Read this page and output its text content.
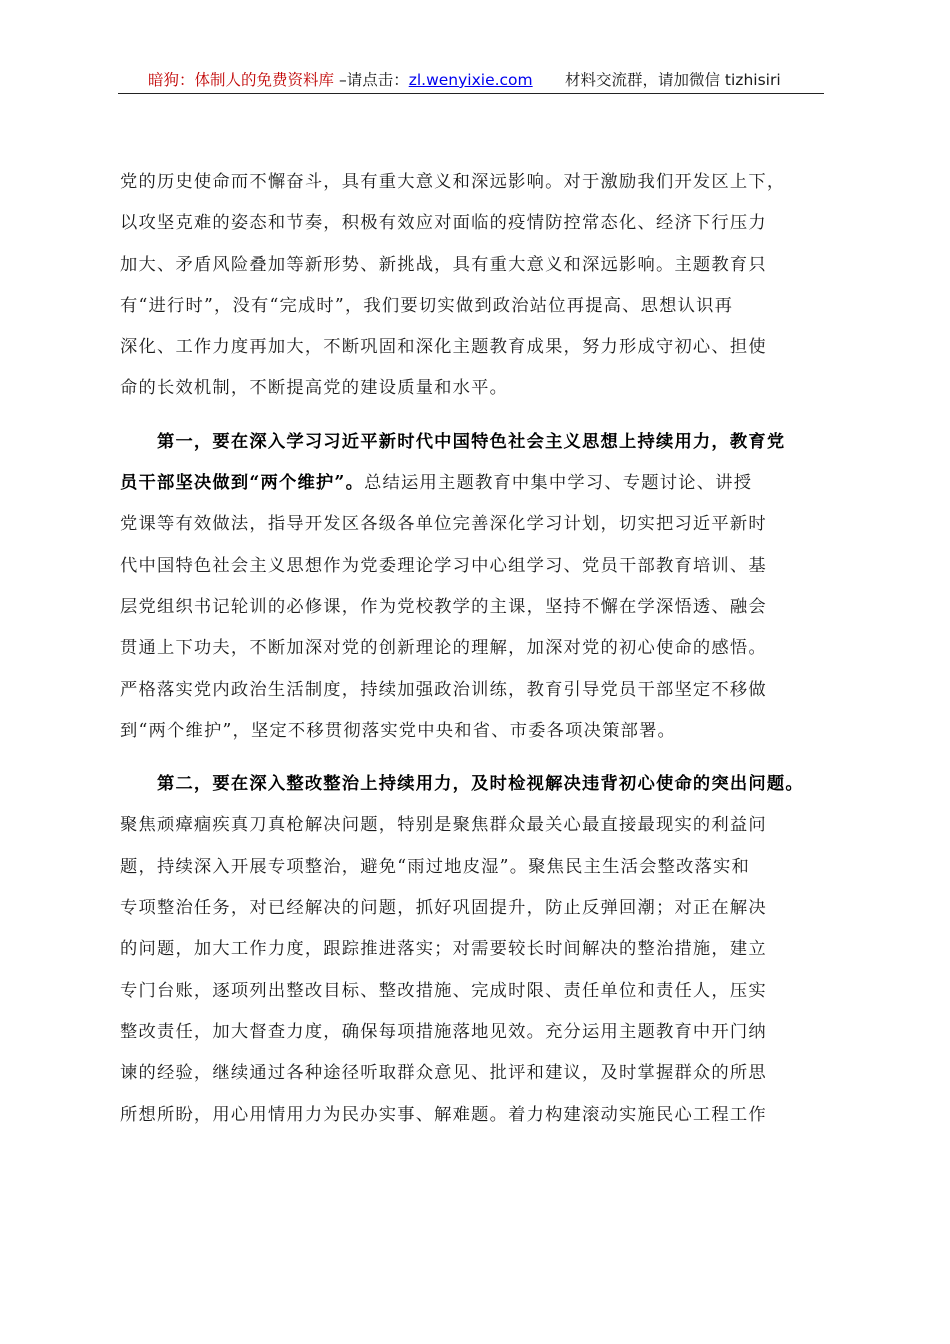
暗狗：体制人的免费资料库 –请点击：zl.wenyixie.com 材料交流群，请加微信 tizhisiri
党的历史使命而不懈奋斗，具有重大意义和深远影响。对于激励我们开发区上下，
以攻坚克难的姿态和节奏，积极有效应对面临的疫情防控常态化、经济下行压力
加大、矛盾风险叠加等新形势、新挑战，具有重大意义和深远影响。主题教育只
有“进行时”，没有“完成时”，我们要切实做到政治站位再提高、思想认识再
深化、工作力度再加大，不断巩固和深化主题教育成果，努力形成守初心、担使
命的长效机制，不断提高党的建设质量和水平。
　　第一，要在深入学习习近平新时代中国特色社会主义思想上持续用力，教育党
员干部坚决做到“两个维护”。总结运用主题教育中集中学习、专题讨论、讲授
党课等有效做法，指导开发区各级各单位完善深化学习计划，切实把习近平新时
代中国特色社会主义思想作为党委理论学习中心组学习、党员干部教育培训、基
层党组织书记轮训的必修课，作为党校教学的主课，坚持不懈在学深悟透、融会
贯通上下功夫，不断加深对党的创新理论的理解，加深对党的初心使命的感悟。
严格落实党内政治生活制度，持续加强政治训练，教育引导党员干部坚定不移做
到“两个维护”，坚定不移贯彻落实党中央和省、市委各项决策部署。
　　第二，要在深入整改整治上持续用力，及时检视解决违背初心使命的突出问题。
聚焦顽瘴痼疾真刀真枪解决问题，特别是聚焦群众最关心最直接最现实的利益问
题，持续深入开展专项整治，避免“雨过地皮湿”。聚焦民主生活会整改落实和
专项整治任务，对已经解决的问题，抓好巩固提升，防止反弹回潮；对正在解决
的问题，加大工作力度，跟踪推进落实；对需要较长时间解决的整治措施，建立
专门台账，逐项列出整改目标、整改措施、完成时限、责任单位和责任人，压实
整改责任，加大督查力度，确保每项措施落地见效。充分运用主题教育中开门纳
谏的经验，继续通过各种途径听取群众意见、批评和建议，及时掌握群众的所思
所想所盼，用心用情用力为民办实事、解难题。着力构建滚动实施民心工程工作
